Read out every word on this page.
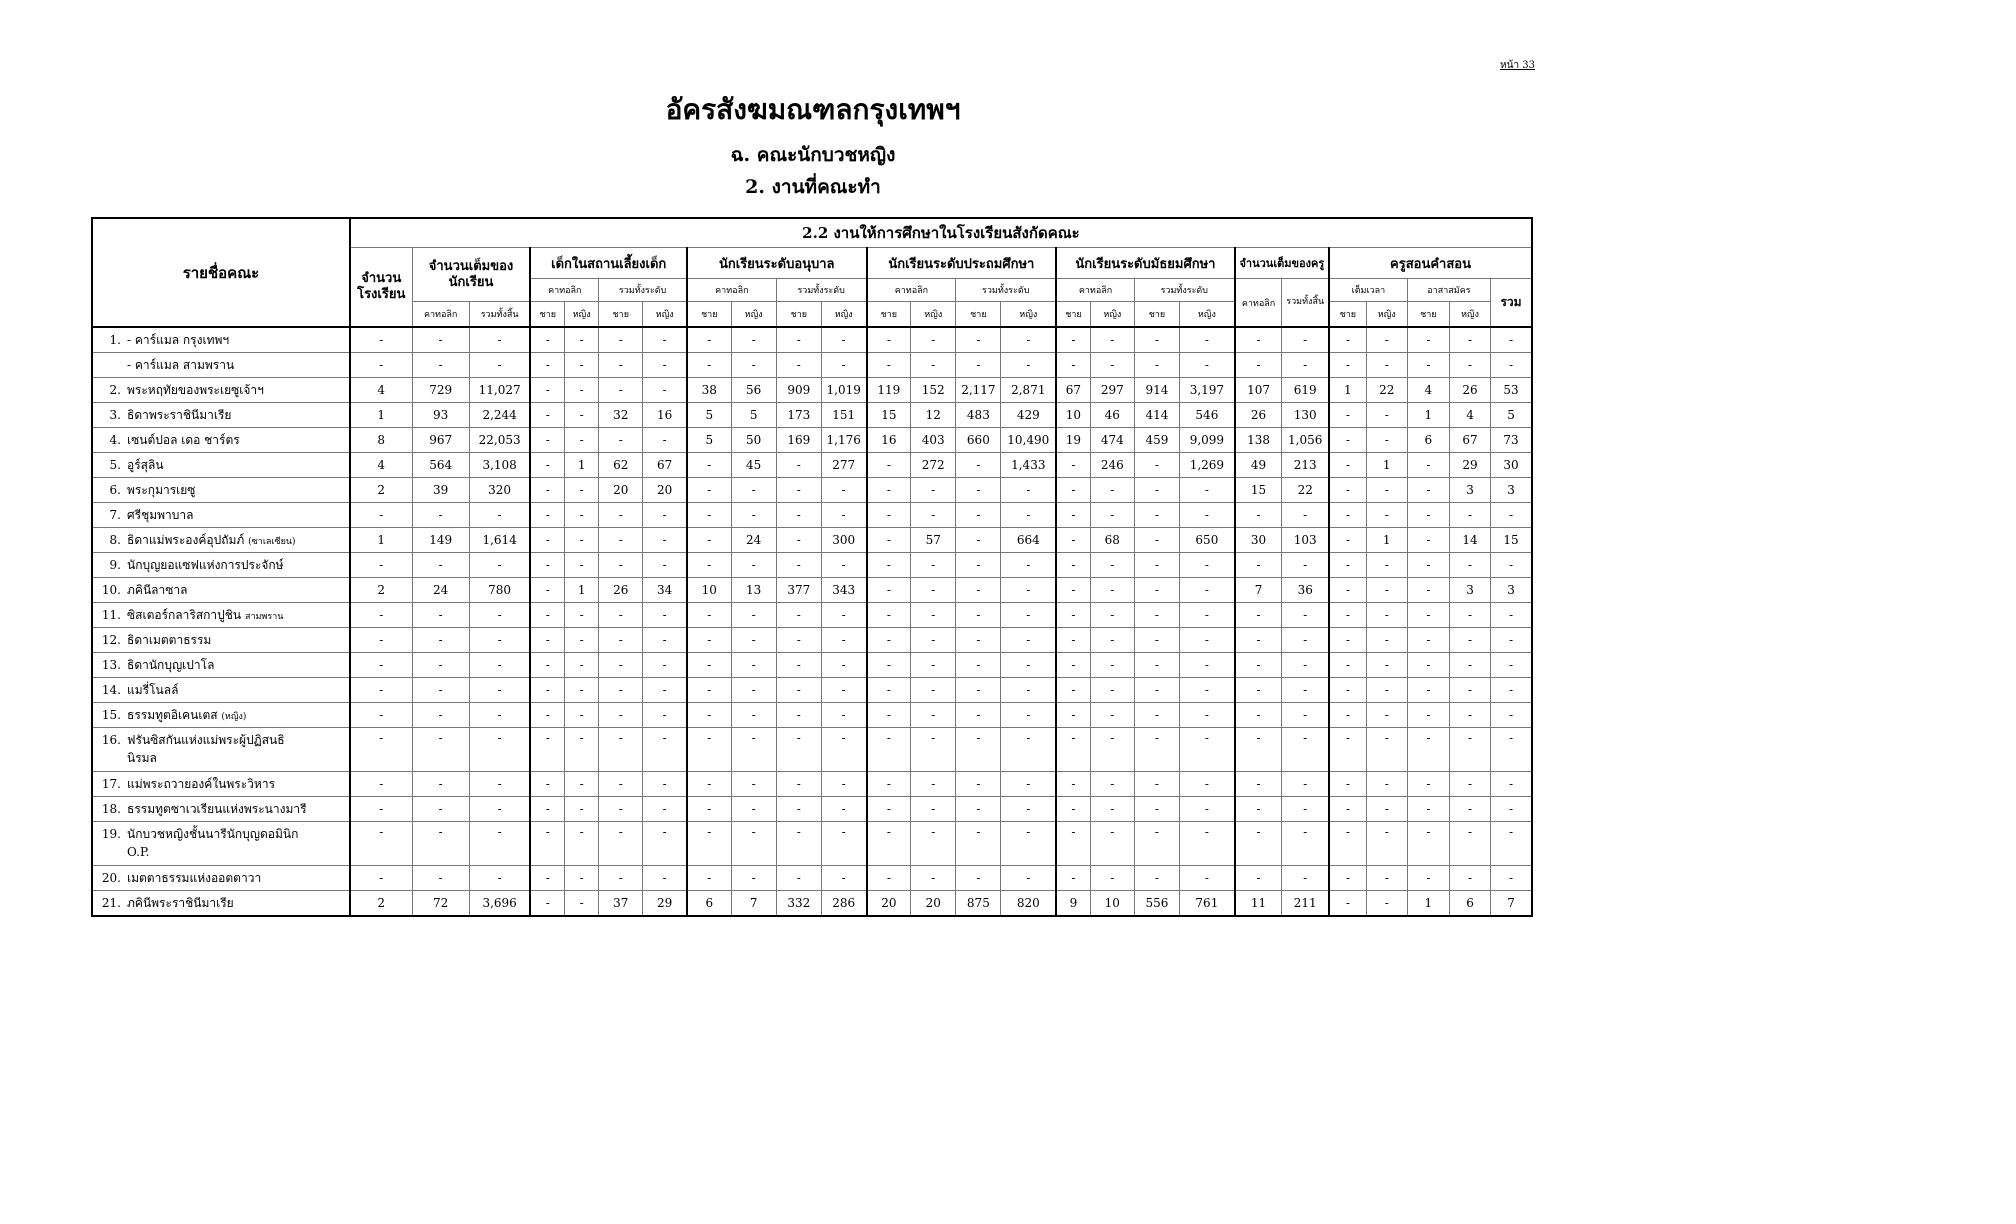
หน้า 33
อัครสังฆมณฑลกรุงเทพฯ
ฉ. คณะนักบวชหญิง
2. งานที่คณะทำ
รายชื่อคณะ	2.2 งานให้การศึกษาในโรงเรียนสังกัดคณะ																									
	จำนวนโรงเรียน	จำนวนเต็มของนักเรียน		เด็กในสถานเลี้ยงเด็ก				นักเรียนระดับอนุบาล				นักเรียนระดับประถมศึกษา				นักเรียนระดับมัธยมศึกษา				จำนวนเต็มของครู		ครูสอนคำสอน				
				คาทอลิก		รวมทั้งระดับ		คาทอลิก		รวมทั้งระดับ		คาทอลิก		รวมทั้งระดับ		คาทอลิก		รวมทั้งระดับ		คาทอลิก	รวมทั้งสิ้น	เต็มเวลา		อาสาสมัคร		รวม
		คาทอลิก	รวมทั้งสิ้น	ชาย	หญิง	ชาย	หญิง	ชาย	หญิง	ชาย	หญิง	ชาย	หญิง	ชาย	หญิง	ชาย	หญิง	ชาย	หญิง			ชาย	หญิง	ชาย	หญิง	
1. - คาร์แมล กรุงเทพฯ	-	-	-	-	-	-	-	-	-	-	-	-	-	-	-	-	-	-	-	-	-	-	-	-	-	-
- คาร์แมล สามพราน	-	-	-	-	-	-	-	-	-	-	-	-	-	-	-	-	-	-	-	-	-	-	-	-	-	-
2. พระหฤทัยของพระเยซูเจ้าฯ	4	729	11,027	-	-	-	-	38	56	909	1,019	119	152	2,117	2,871	67	297	914	3,197	107	619	1	22	4	26	53
3. ธิดาพระราชินีมาเรีย	1	93	2,244	-	-	32	16	5	5	173	151	15	12	483	429	10	46	414	546	26	130	-	-	1	4	5
4. เซนต์ปอล เดอ ชาร์ตร	8	967	22,053	-	-	-	-	5	50	169	1,176	16	403	660	10,490	19	474	459	9,099	138	1,056	-	-	6	67	73
5. อูร์สุลิน	4	564	3,108	-	1	62	67	-	45	-	277	-	272	-	1,433	-	246	-	1,269	49	213	-	1	-	29	30
6. พระกุมารเยซู	2	39	320	-	-	20	20	-	-	-	-	-	-	-	-	-	-	-	-	15	22	-	-	-	3	3
7. ศรีชุมพาบาล	-	-	-	-	-	-	-	-	-	-	-	-	-	-	-	-	-	-	-	-	-	-	-	-	-	-
8. ธิดาแม่พระองค์อุปถัมภ์ (ซาเลเซียน)	1	149	1,614	-	-	-	-	-	24	-	300	-	57	-	664	-	68	-	650	30	103	-	1	-	14	15
9. นักบุญยอแซฟแห่งการประจักษ์	-	-	-	-	-	-	-	-	-	-	-	-	-	-	-	-	-	-	-	-	-	-	-	-	-	-
10. ภคินีลาซาล	2	24	780	-	1	26	34	10	13	377	343	-	-	-	-	-	-	-	-	7	36	-	-	-	3	3
11. ซิสเตอร์กลาริสกาปูชิน สามพราน	-	-	-	-	-	-	-	-	-	-	-	-	-	-	-	-	-	-	-	-	-	-	-	-	-	-
12. ธิดาเมตตาธรรม	-	-	-	-	-	-	-	-	-	-	-	-	-	-	-	-	-	-	-	-	-	-	-	-	-	-
13. ธิดานักบุญเปาโล	-	-	-	-	-	-	-	-	-	-	-	-	-	-	-	-	-	-	-	-	-	-	-	-	-	-
14. แมรี่โนลล์	-	-	-	-	-	-	-	-	-	-	-	-	-	-	-	-	-	-	-	-	-	-	-	-	-	-
15. ธรรมทูตอิเคนเตส (หญิง)	-	-	-	-	-	-	-	-	-	-	-	-	-	-	-	-	-	-	-	-	-	-	-	-	-	-
16. ฟรันซิสกันแห่งแม่พระผู้ปฏิสนธิ
นิรมล	-	-	-	-	-	-	-	-	-	-	-	-	-	-	-	-	-	-	-	-	-	-	-	-	-	-
17. แม่พระถวายองค์ในพระวิหาร	-	-	-	-	-	-	-	-	-	-	-	-	-	-	-	-	-	-	-	-	-	-	-	-	-	-
18. ธรรมทูตซาเวเรียนแห่งพระนางมารี	-	-	-	-	-	-	-	-	-	-	-	-	-	-	-	-	-	-	-	-	-	-	-	-	-	-
19. นักบวชหญิงชั้นนารีนักบุญดอมินิก
O.P.	-	-	-	-	-	-	-	-	-	-	-	-	-	-	-	-	-	-	-	-	-	-	-	-	-	-
20. เมตตาธรรมแห่งออตตาวา	-	-	-	-	-	-	-	-	-	-	-	-	-	-	-	-	-	-	-	-	-	-	-	-	-	-
21. ภคินีพระราชินีมาเรีย	2	72	3,696	-	-	37	29	6	7	332	286	20	20	875	820	9	10	556	761	11	211	-	-	1	6	7
